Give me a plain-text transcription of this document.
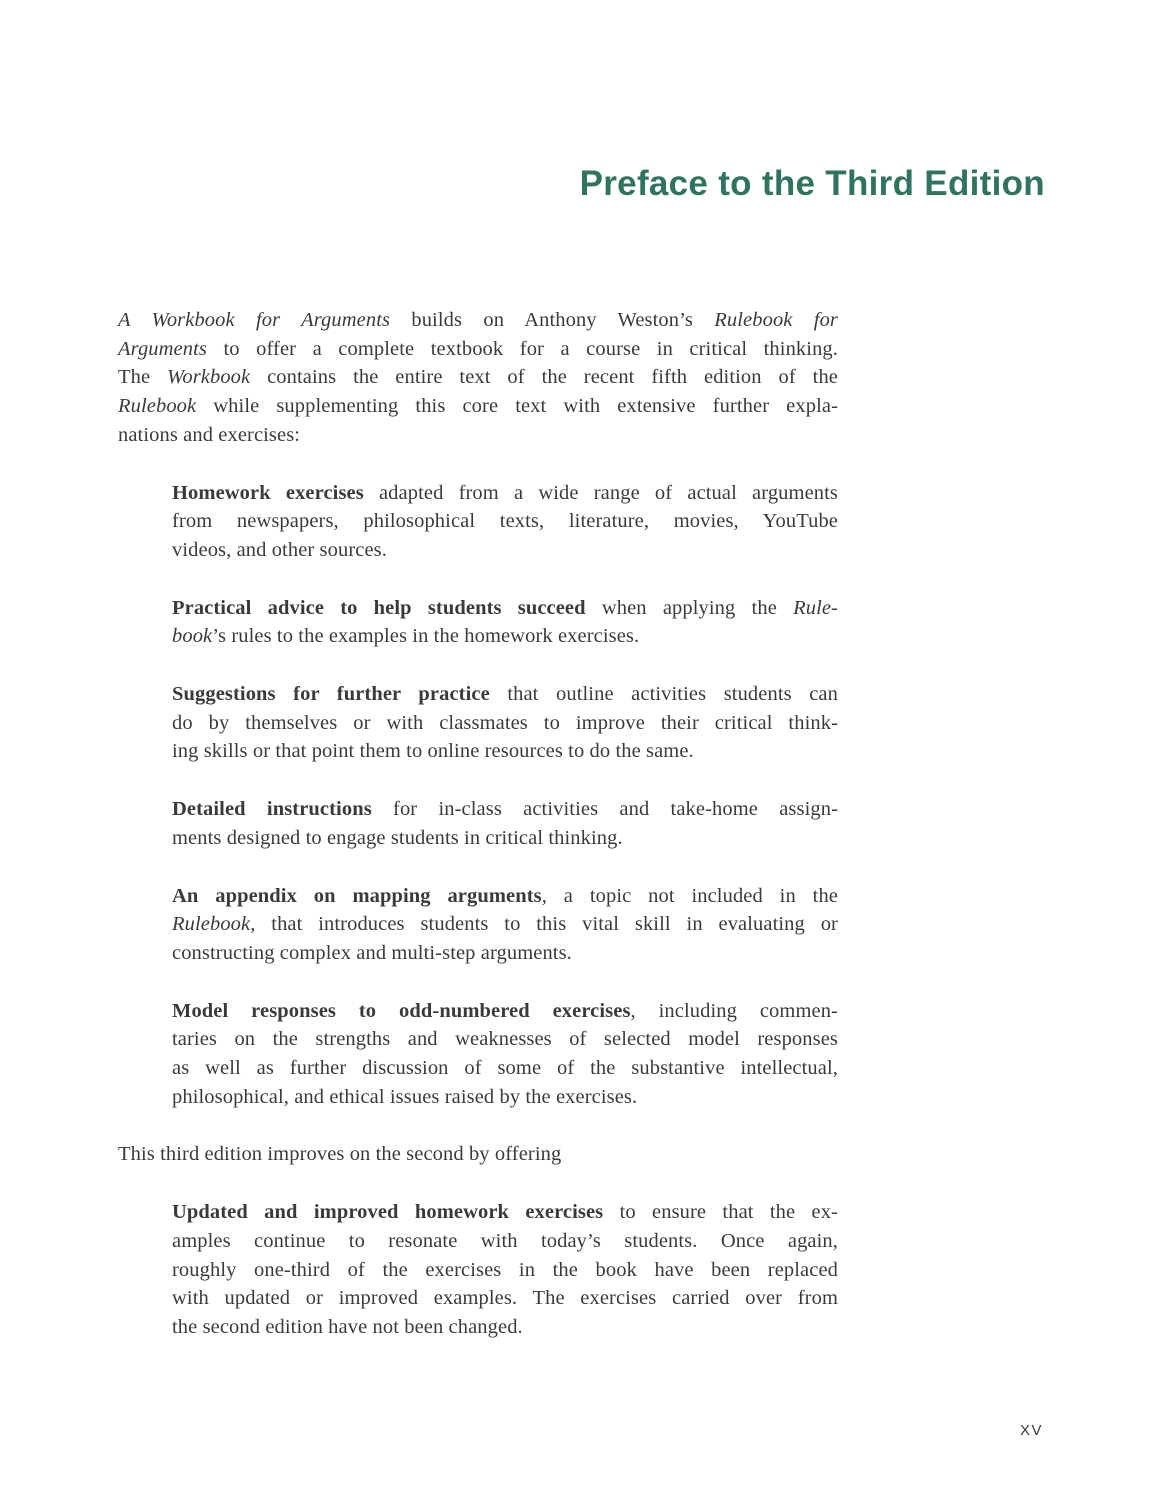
Preface to the Third Edition
A Workbook for Arguments builds on Anthony Weston’s Rulebook for
Arguments to offer a complete textbook for a course in critical thinking.
The Workbook contains the entire text of the recent fifth edition of the
Rulebook while supplementing this core text with extensive further expla-
nations and exercises:
Homework exercises adapted from a wide range of actual arguments
from newspapers, philosophical texts, literature, movies, YouTube
videos, and other sources.
Practical advice to help students succeed when applying the Rule-
book’s rules to the examples in the homework exercises.
Suggestions for further practice that outline activities students can
do by themselves or with classmates to improve their critical think-
ing skills or that point them to online resources to do the same.
Detailed instructions for in-class activities and take-home assign-
ments designed to engage students in critical thinking.
An appendix on mapping arguments, a topic not included in the
Rulebook, that introduces students to this vital skill in evaluating or
constructing complex and multi-step arguments.
Model responses to odd-numbered exercises, including commen-
taries on the strengths and weaknesses of selected model responses
as well as further discussion of some of the substantive intellectual,
philosophical, and ethical issues raised by the exercises.
This third edition improves on the second by offering
Updated and improved homework exercises to ensure that the ex-
amples continue to resonate with today’s students. Once again,
roughly one-third of the exercises in the book have been replaced
with updated or improved examples. The exercises carried over from
the second edition have not been changed.
xv
